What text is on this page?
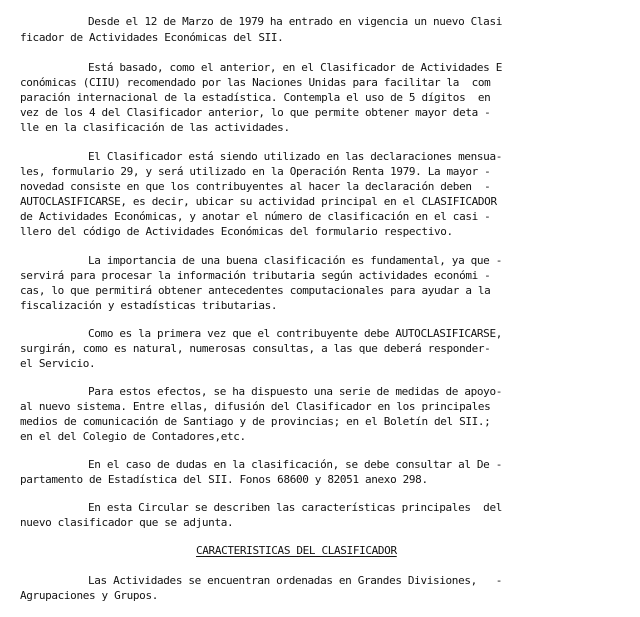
Desde el 12 de Marzo de 1979 ha entrado en vigencia un nuevo Clasi
ficador de Actividades Económicas del SII.
Está basado, como el anterior, en el Clasificador de Actividades E
conómicas (CIIU) recomendado por las Naciones Unidas para facilitar la  com
paración internacional de la estadística. Contempla el uso de 5 dígitos  en
vez de los 4 del Clasificador anterior, lo que permite obtener mayor deta -
lle en la clasificación de las actividades.
El Clasificador está siendo utilizado en las declaraciones mensua-
les, formulario 29, y será utilizado en la Operación Renta 1979. La mayor -
novedad consiste en que los contribuyentes al hacer la declaración deben  -
AUTOCLASIFICARSE, es decir, ubicar su actividad principal en el CLASIFICADOR
de Actividades Económicas, y anotar el número de clasificación en el casi -
llero del código de Actividades Económicas del formulario respectivo.
La importancia de una buena clasificación es fundamental, ya que -
servirá para procesar la información tributaria según actividades económi -
cas, lo que permitirá obtener antecedentes computacionales para ayudar a la
fiscalización y estadísticas tributarias.
Como es la primera vez que el contribuyente debe AUTOCLASIFICARSE,
surgirán, como es natural, numerosas consultas, a las que deberá responder-
el Servicio.
Para estos efectos, se ha dispuesto una serie de medidas de apoyo-
al nuevo sistema. Entre ellas, difusión del Clasificador en los principales
medios de comunicación de Santiago y de provincias; en el Boletín del SII.;
en el del Colegio de Contadores,etc.
En el caso de dudas en la clasificación, se debe consultar al De -
partamento de Estadística del SII. Fonos 68600 y 82051 anexo 298.
En esta Circular se describen las características principales  del
nuevo clasificador que se adjunta.
CARACTERISTICAS DEL CLASIFICADOR
Las Actividades se encuentran ordenadas en Grandes Divisiones,   -
Agrupaciones y Grupos.
